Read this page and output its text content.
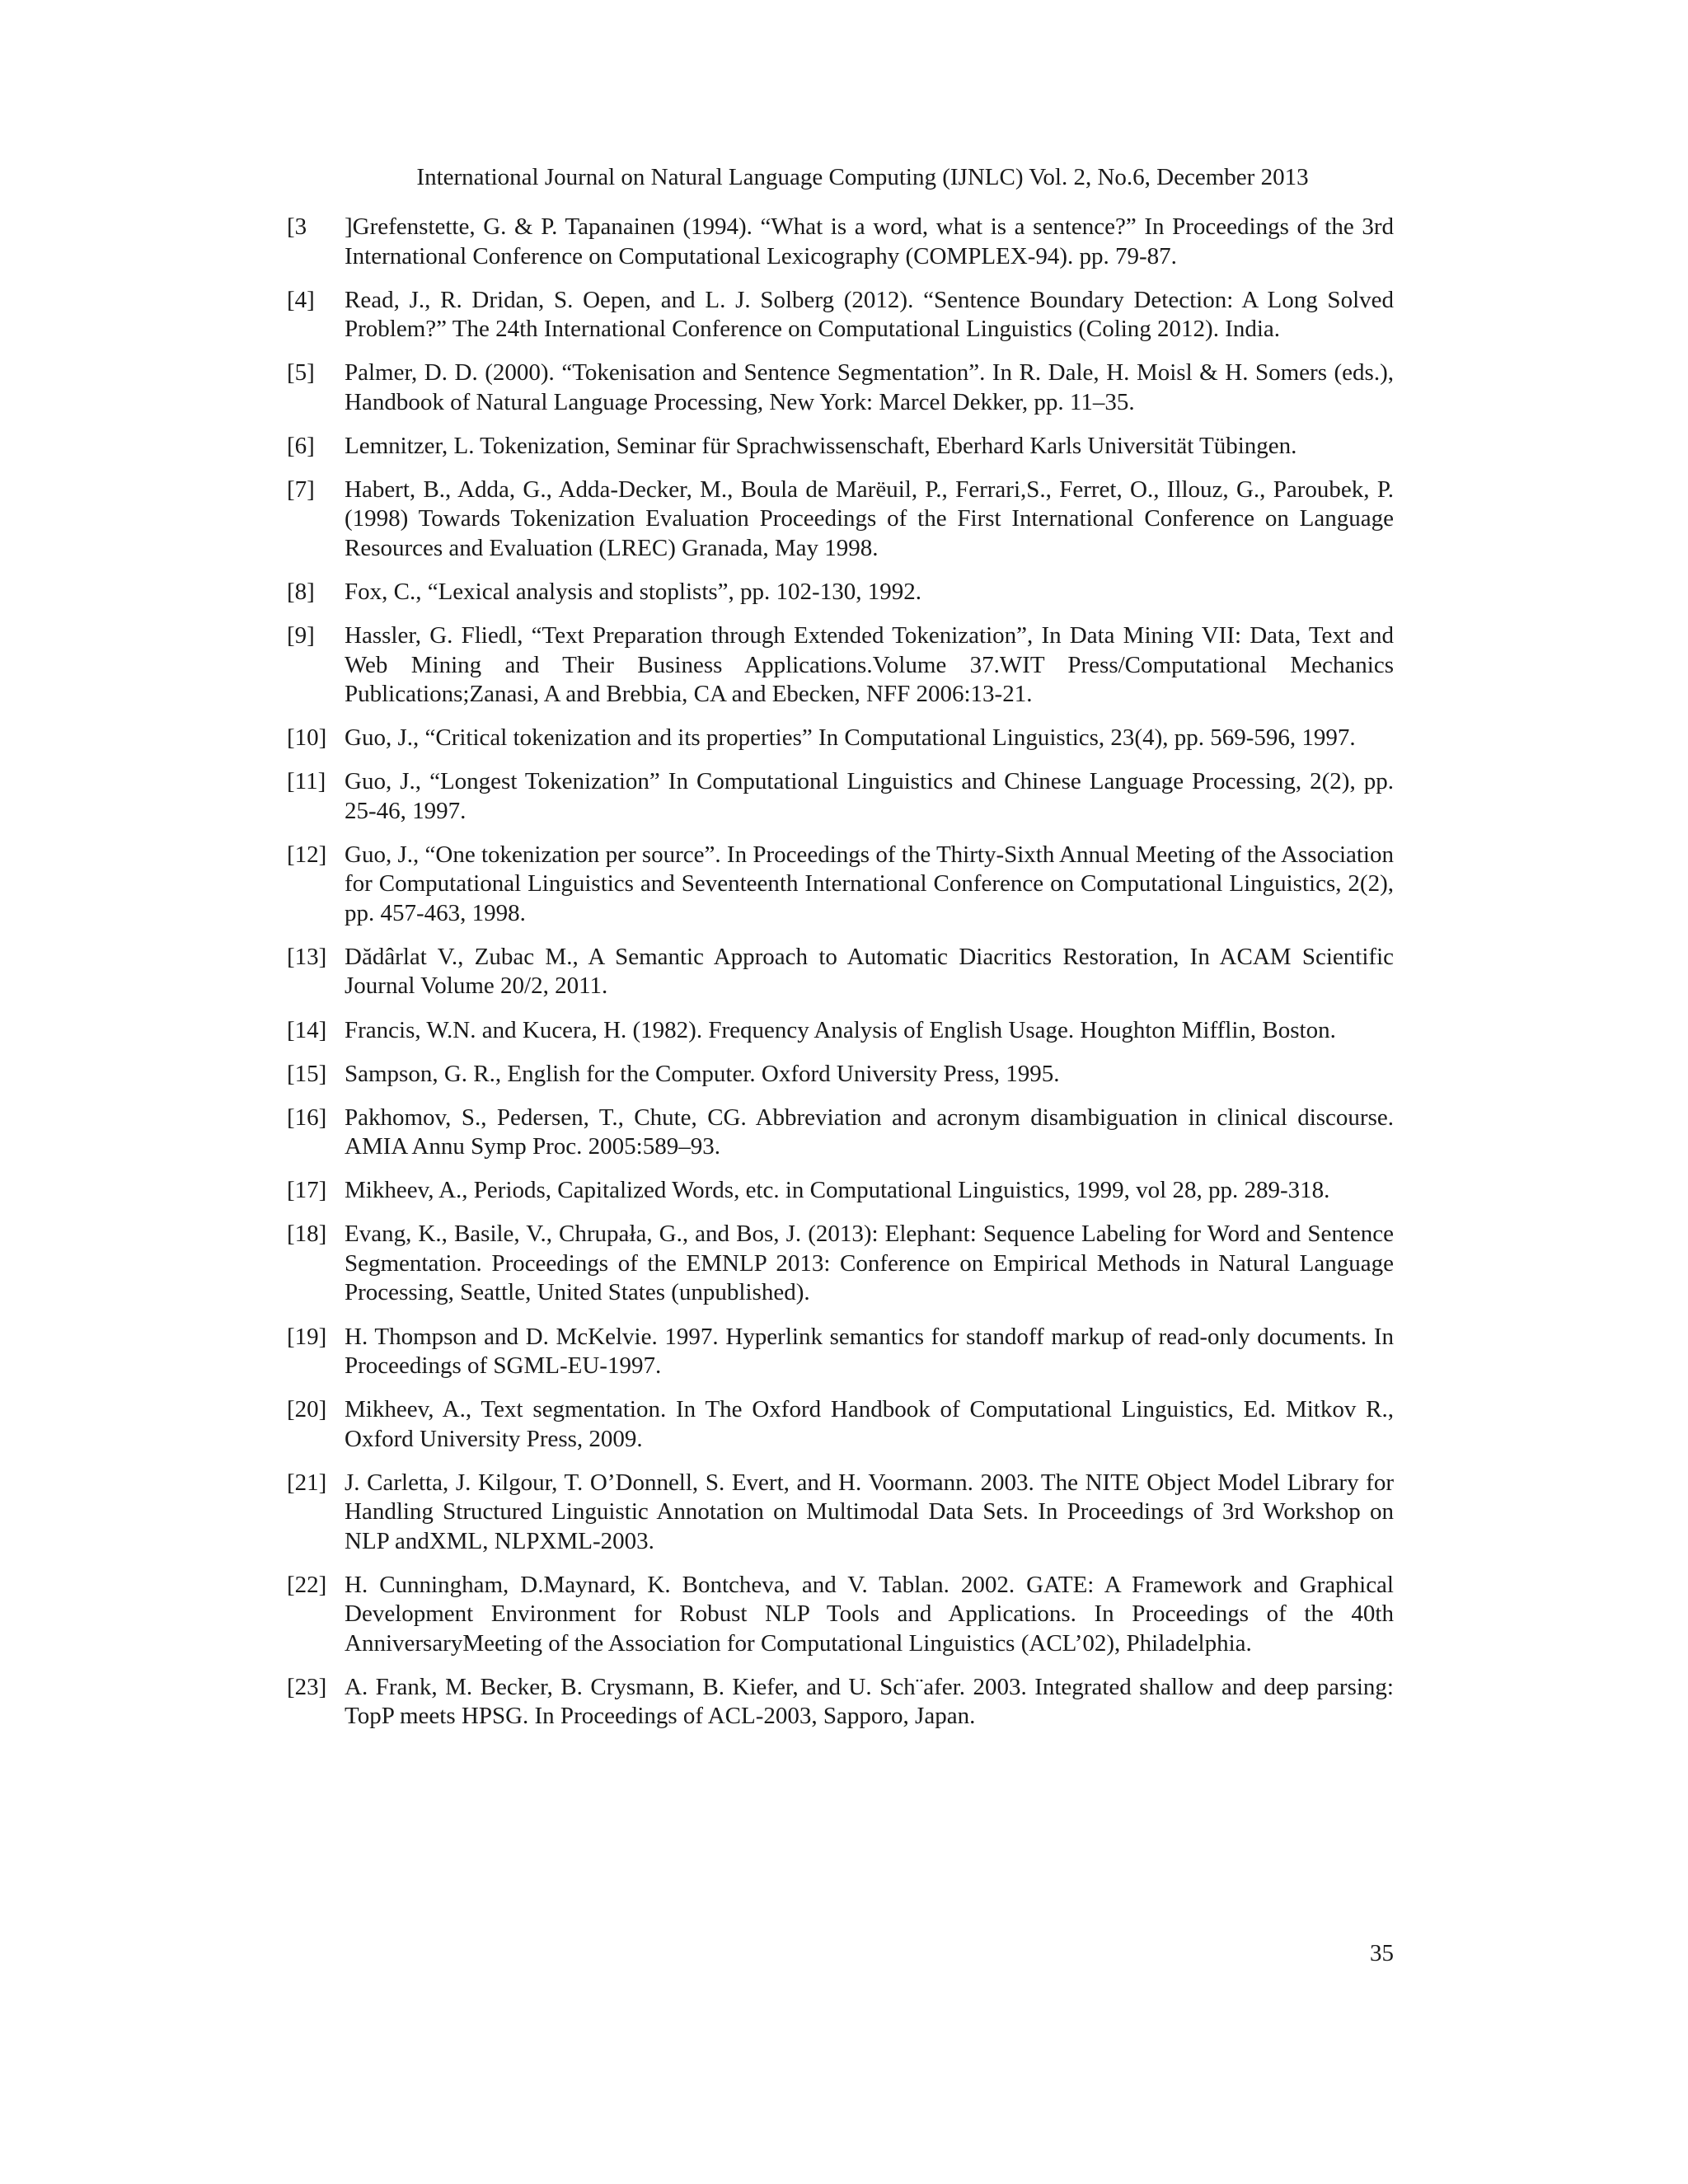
International Journal on Natural Language Computing (IJNLC) Vol. 2, No.6, December 2013
[3 ]Grefenstette, G. & P. Tapanainen (1994). “What is a word, what is a sentence?” In Proceedings of the 3rd International Conference on Computational Lexicography (COMPLEX-94). pp. 79-87.
[4] Read, J., R. Dridan, S. Oepen, and L. J. Solberg (2012). “Sentence Boundary Detection: A Long Solved Problem?” The 24th International Conference on Computational Linguistics (Coling 2012). India.
[5] Palmer, D. D. (2000). “Tokenisation and Sentence Segmentation”. In R. Dale, H. Moisl & H. Somers (eds.), Handbook of Natural Language Processing, New York: Marcel Dekker, pp. 11–35.
[6] Lemnitzer, L. Tokenization, Seminar für Sprachwissenschaft, Eberhard Karls Universität Tübingen.
[7] Habert, B., Adda, G., Adda-Decker, M., Boula de Marëuil, P., Ferrari,S., Ferret, O., Illouz, G., Paroubek, P. (1998) Towards Tokenization Evaluation Proceedings of the First International Conference on Language Resources and Evaluation (LREC) Granada, May 1998.
[8] Fox, C., “Lexical analysis and stoplists”, pp. 102-130, 1992.
[9] Hassler, G. Fliedl, “Text Preparation through Extended Tokenization”, In Data Mining VII: Data, Text and Web Mining and Their Business Applications.Volume 37.WIT Press/Computational Mechanics Publications;Zanasi, A and Brebbia, CA and Ebecken, NFF 2006:13-21.
[10] Guo, J., “Critical tokenization and its properties” In Computational Linguistics, 23(4), pp. 569-596, 1997.
[11] Guo, J., “Longest Tokenization” In Computational Linguistics and Chinese Language Processing, 2(2), pp. 25-46, 1997.
[12] Guo, J., “One tokenization per source”. In Proceedings of the Thirty-Sixth Annual Meeting of the Association for Computational Linguistics and Seventeenth International Conference on Computational Linguistics, 2(2), pp. 457-463, 1998.
[13] Dădârlat V., Zubac M., A Semantic Approach to Automatic Diacritics Restoration, In ACAM Scientific Journal Volume 20/2, 2011.
[14] Francis, W.N. and Kucera, H. (1982). Frequency Analysis of English Usage. Houghton Mifflin, Boston.
[15] Sampson, G. R., English for the Computer. Oxford University Press, 1995.
[16] Pakhomov, S., Pedersen, T., Chute, CG. Abbreviation and acronym disambiguation in clinical discourse. AMIA Annu Symp Proc. 2005:589–93.
[17] Mikheev, A., Periods, Capitalized Words, etc. in Computational Linguistics, 1999, vol 28, pp. 289-318.
[18] Evang, K., Basile, V., Chrupała, G., and Bos, J. (2013): Elephant: Sequence Labeling for Word and Sentence Segmentation. Proceedings of the EMNLP 2013: Conference on Empirical Methods in Natural Language Processing, Seattle, United States (unpublished).
[19] H. Thompson and D. McKelvie. 1997. Hyperlink semantics for standoff markup of read-only documents. In Proceedings of SGML-EU-1997.
[20] Mikheev, A., Text segmentation. In The Oxford Handbook of Computational Linguistics, Ed. Mitkov R., Oxford University Press, 2009.
[21] J. Carletta, J. Kilgour, T. O’Donnell, S. Evert, and H. Voormann. 2003. The NITE Object Model Library for Handling Structured Linguistic Annotation on Multimodal Data Sets. In Proceedings of 3rd Workshop on NLP andXML, NLPXML-2003.
[22] H. Cunningham, D.Maynard, K. Bontcheva, and V. Tablan. 2002. GATE: A Framework and Graphical Development Environment for Robust NLP Tools and Applications. In Proceedings of the 40th AnniversaryMeeting of the Association for Computational Linguistics (ACL’02), Philadelphia.
[23] A. Frank, M. Becker, B. Crysmann, B. Kiefer, and U. Sch¨afer. 2003. Integrated shallow and deep parsing: TopP meets HPSG. In Proceedings of ACL-2003, Sapporo, Japan.
35
